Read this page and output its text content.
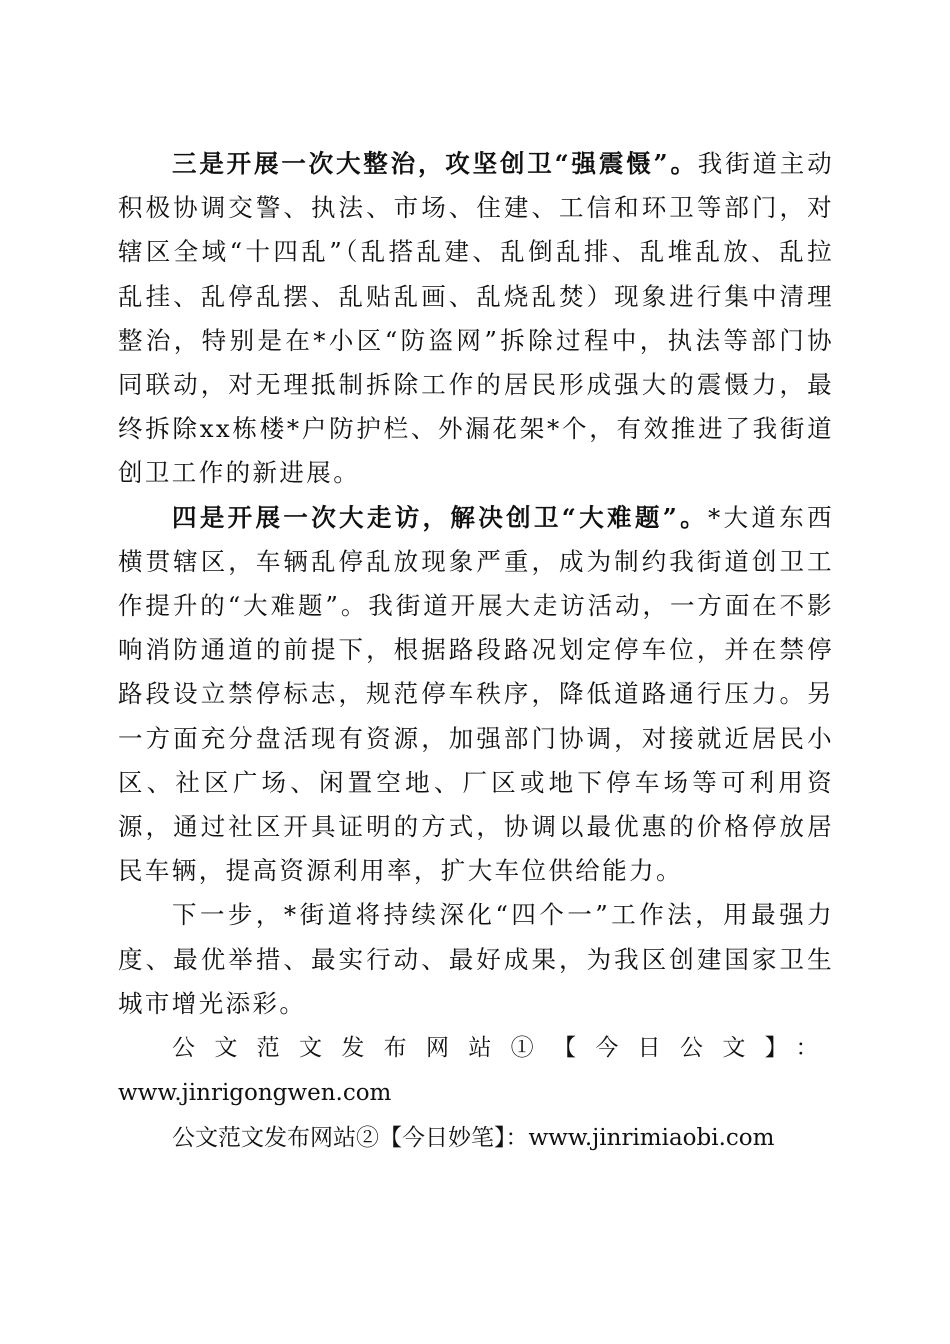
三是开展一次大整治，攻坚创卫“强震慑”。我街道主动积极协调交警、执法、市场、住建、工信和环卫等部门，对辖区全域“十四乱”（乱搭乱建、乱倒乱排、乱堆乱放、乱拉乱挂、乱停乱摆、乱贴乱画、乱烧乱焚）现象进行集中清理整治，特别是在*小区“防盗网”拆除过程中，执法等部门协同联动，对无理抵制拆除工作的居民形成强大的震慑力，最终拆除xx栋楼*户防护栏、外漏花架*个，有效推进了我街道创卫工作的新进展。

四是开展一次大走访，解决创卫“大难题”。*大道东西横贯辖区，车辆乱停乱放现象严重，成为制约我街道创卫工作提升的“大难题”。我街道开展大走访活动，一方面在不影响消防通道的前提下，根据路段路况划定停车位，并在禁停路段设立禁停标志，规范停车秩序，降低道路通行压力。另一方面充分盘活现有资源，加强部门协调，对接就近居民小区、社区广场、闲置空地、厂区或地下停车场等可利用资源，通过社区开具证明的方式，协调以最优惠的价格停放居民车辆，提高资源利用率，扩大车位供给能力。

下一步，*街道将持续深化“四个一”工作法，用最强力度、最优举措、最实行动、最好成果，为我区创建国家卫生城市增光添彩。

公文范文发布网站①【今日公文】：www.jinrigongwen.com

公文范文发布网站②【今日妙笔】：www.jinrimiaobi.com
